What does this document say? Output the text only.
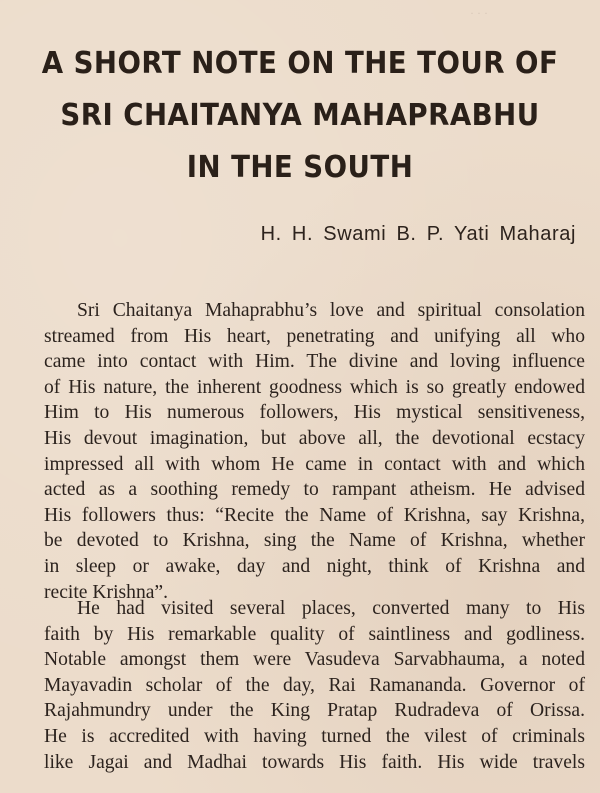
· · ·
A SHORT NOTE ON THE TOUR OF
SRI CHAITANYA MAHAPRABHU
IN THE SOUTH
H. H. Swami B. P. Yati Maharaj
Sri Chaitanya Mahaprabhu’s love and spiritual consolation
streamed from His heart, penetrating and unifying all who
came into contact with Him. The divine and loving influence
of His nature, the inherent goodness which is so greatly endowed
Him to His numerous followers, His mystical sensitiveness,
His devout imagination, but above all, the devotional ecstacy
impressed all with whom He came in contact with and which
acted as a soothing remedy to rampant atheism. He advised
His followers thus: “Recite the Name of Krishna, say Krishna,
be devoted to Krishna, sing the Name of Krishna, whether
in sleep or awake, day and night, think of Krishna and
recite Krishna”.
He had visited several places, converted many to His
faith by His remarkable quality of saintliness and godliness.
Notable amongst them were Vasudeva Sarvabhauma, a noted
Mayavadin scholar of the day, Rai Ramananda. Governor of
Rajahmundry under the King Pratap Rudradeva of Orissa.
He is accredited with having turned the vilest of criminals
like Jagai and Madhai towards His faith. His wide travels
